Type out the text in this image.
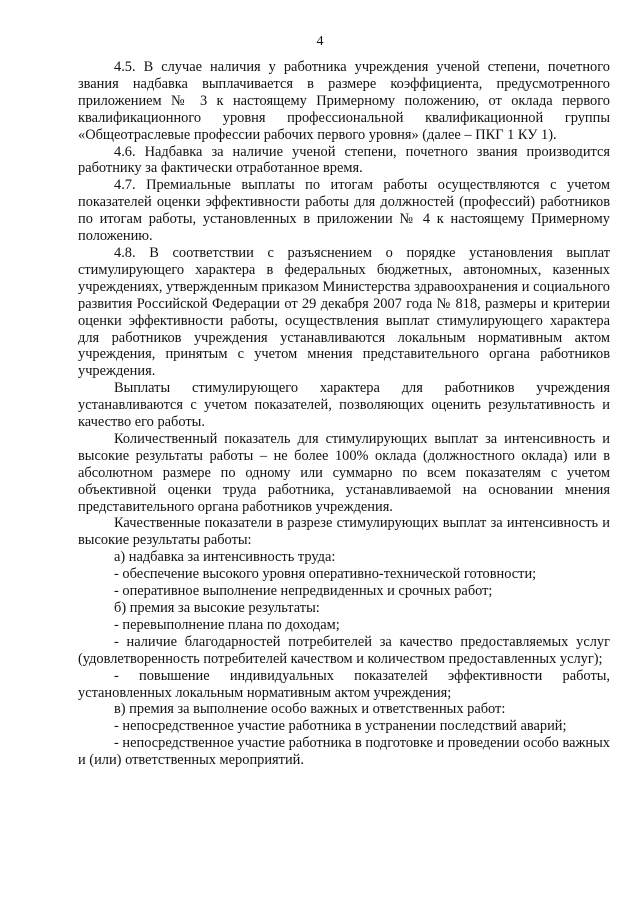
4

4.5. В случае наличия у работника учреждения ученой степени, почетного звания надбавка выплачивается в размере коэффициента, предусмотренного приложением № 3 к настоящему Примерному положению, от оклада первого квалификационного уровня профессиональной квалификационной группы «Общеотраслевые профессии рабочих первого уровня» (далее – ПКГ 1 КУ 1).

4.6. Надбавка за наличие ученой степени, почетного звания производится работнику за фактически отработанное время.

4.7. Премиальные выплаты по итогам работы осуществляются с учетом показателей оценки эффективности работы для должностей (профессий) работников по итогам работы, установленных в приложении № 4 к настоящему Примерному положению.

4.8. В соответствии с разъяснением о порядке установления выплат стимулирующего характера в федеральных бюджетных, автономных, казенных учреждениях, утвержденным приказом Министерства здравоохранения и социального развития Российской Федерации от 29 декабря 2007 года № 818, размеры и критерии оценки эффективности работы, осуществления выплат стимулирующего характера для работников учреждения устанавливаются локальным нормативным актом учреждения, принятым с учетом мнения представительного органа работников учреждения.

Выплаты стимулирующего характера для работников учреждения устанавливаются с учетом показателей, позволяющих оценить результативность и качество его работы.

Количественный показатель для стимулирующих выплат за интенсивность и высокие результаты работы – не более 100% оклада (должностного оклада) или в абсолютном размере по одному или суммарно по всем показателям с учетом объективной оценки труда работника, устанавливаемой на основании мнения представительного органа работников учреждения.

Качественные показатели в разрезе стимулирующих выплат за интенсивность и высокие результаты работы:

а) надбавка за интенсивность труда:

- обеспечение высокого уровня оперативно-технической готовности;

- оперативное выполнение непредвиденных и срочных работ;

б) премия за высокие результаты:

- перевыполнение плана по доходам;

- наличие благодарностей потребителей за качество предоставляемых услуг (удовлетворенность потребителей качеством и количеством предоставленных услуг);

- повышение индивидуальных показателей эффективности работы, установленных локальным нормативным актом учреждения;

в) премия за выполнение особо важных и ответственных работ:

- непосредственное участие работника в устранении последствий аварий;

- непосредственное участие работника в подготовке и проведении особо важных и (или) ответственных мероприятий.
